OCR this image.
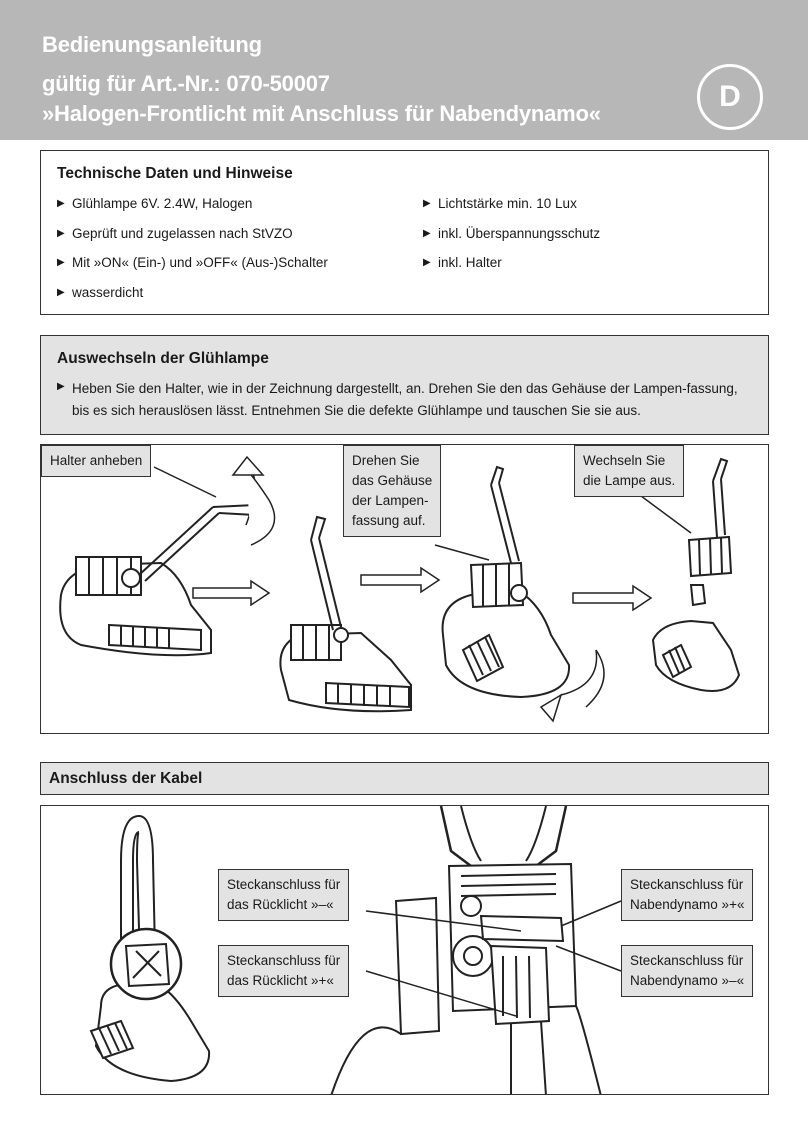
Bedienungsanleitung
gültig für Art.-Nr.: 070-50007
»Halogen-Frontlicht mit Anschluss für Nabendynamo«
D
Technische Daten und Hinweise
▶ Glühlampe 6V. 2.4W, Halogen
▶ Geprüft und zugelassen nach StVZO
▶ Mit »ON« (Ein-) und »OFF« (Aus-)Schalter
▶ wasserdicht
▶ Lichtstärke min. 10 Lux
▶ inkl. Überspannungsschutz
▶ inkl. Halter
Auswechseln der Glühlampe
▶ Heben Sie den Halter, wie in der Zeichnung dargestellt, an. Drehen Sie den das Gehäuse der Lampen-fassung, bis es sich herauslösen lässt. Entnehmen Sie die defekte Glühlampe und tauschen Sie sie aus.
Halter anheben	Drehen Sie
das Gehäuse
der Lampen-
fassung auf.
Wechseln Sie
die Lampe aus.
Anschluss der Kabel
Steckanschluss für
das Rücklicht »–«
Steckanschluss für
das Rücklicht »+«
Steckanschluss für
Nabendynamo »+«
Steckanschluss für
Nabendynamo »–«
